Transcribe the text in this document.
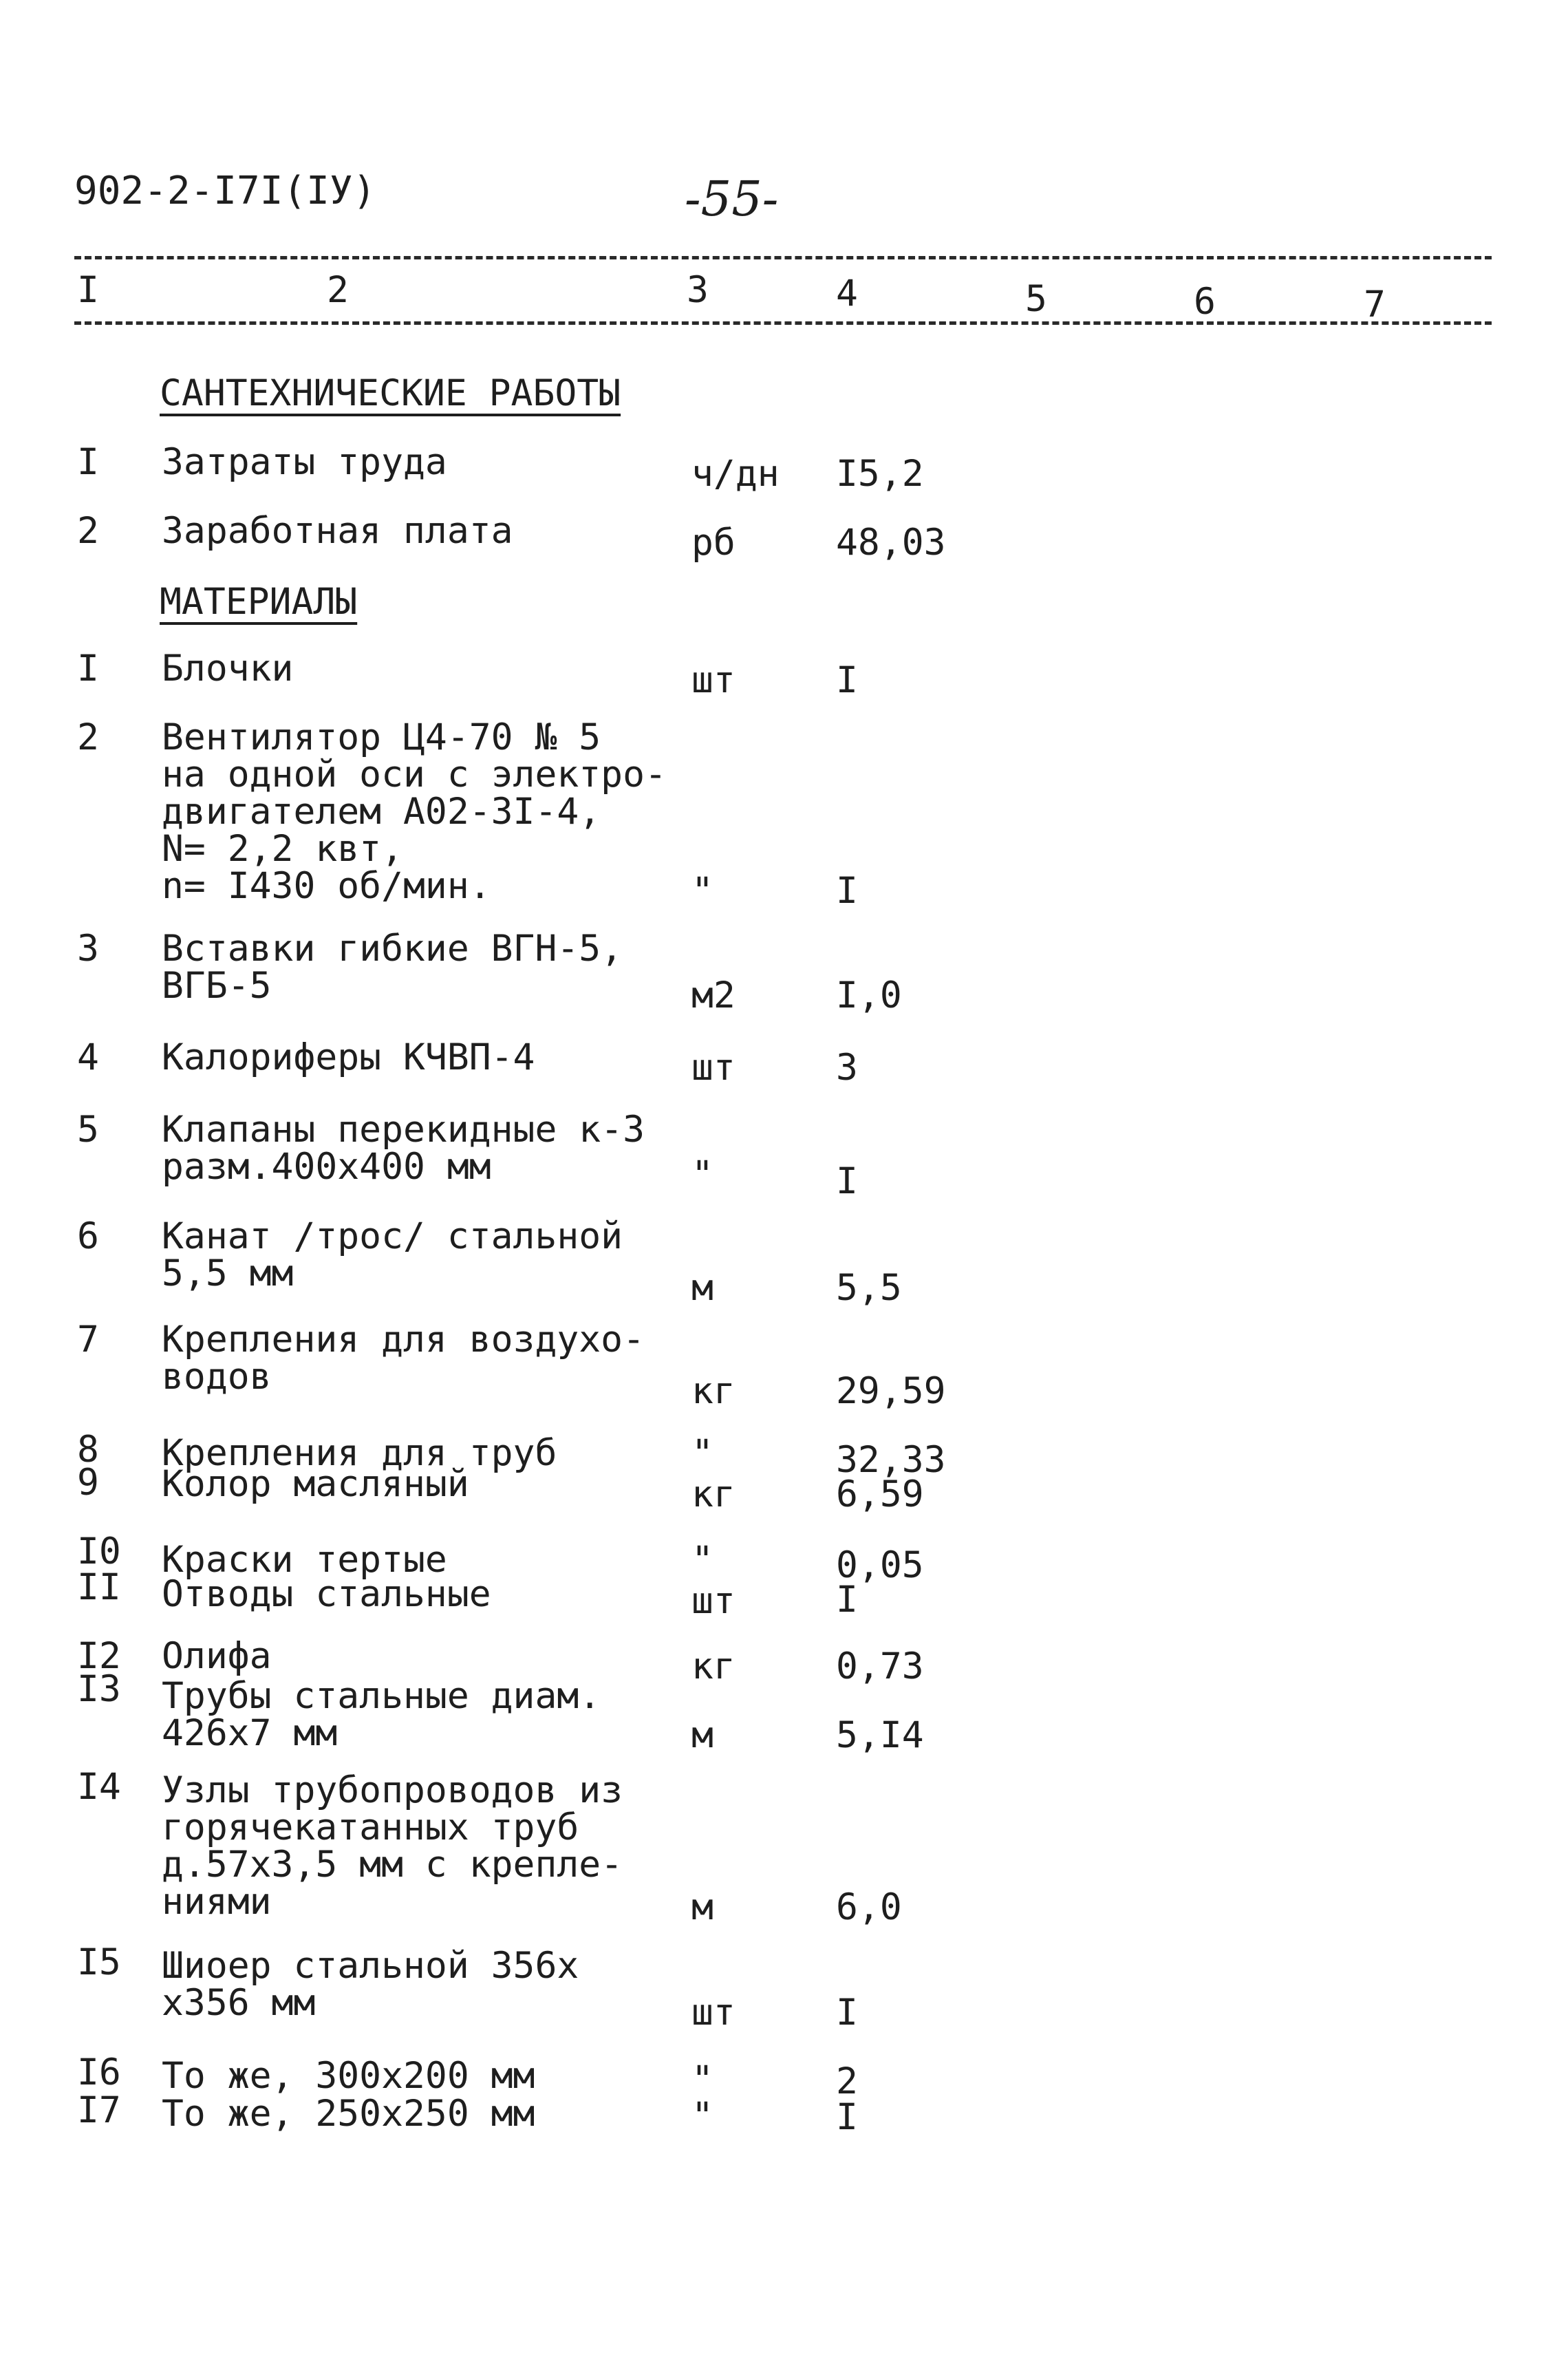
902-2-I7I(IУ)	-55-
I	2	3	4	5	6	7
САНТЕХНИЧЕСКИЕ РАБОТЫ
I Затраты труда	ч/дн I5,2
2 Заработная плата	рб	48,03
МАТЕРИАЛЫ
I Блочки	шт	I
2 Вентилятор Ц4-70 № 5
на одной оси с электро-
двигателем А02-3I-4,
N= 2,2 квт,
n= I430 об/мин.	"	I
3 Вставки гибкие ВГН-5,
ВГБ-5	м2	I,0
4 Калориферы КЧВП-4	шт	3
5 Клапаны перекидные к-3
разм.400х400 мм	"	I
6 Канат /трос/ стальной
5,5 мм	м	5,5
7 Крепления для воздухо-
водов	кг	29,59
8 Крепления для труб	"	32,33
9 Колор масляный	кг	6,59
I0 Краски тертые	"	0,05
II Отводы стальные	шт	I
I2 Олифа	кг	0,73
I3 Трубы стальные диам.
426х7 мм	м	5,I4
I4 Узлы трубопроводов из
горячекатанных труб
д.57х3,5 мм с крепле-
ниями	м	6,0
I5 Шиоер стальной 356х
х356 мм	шт	I
I6 То же, 300х200 мм	"	2
I7 То же, 250х250 мм	"	I
